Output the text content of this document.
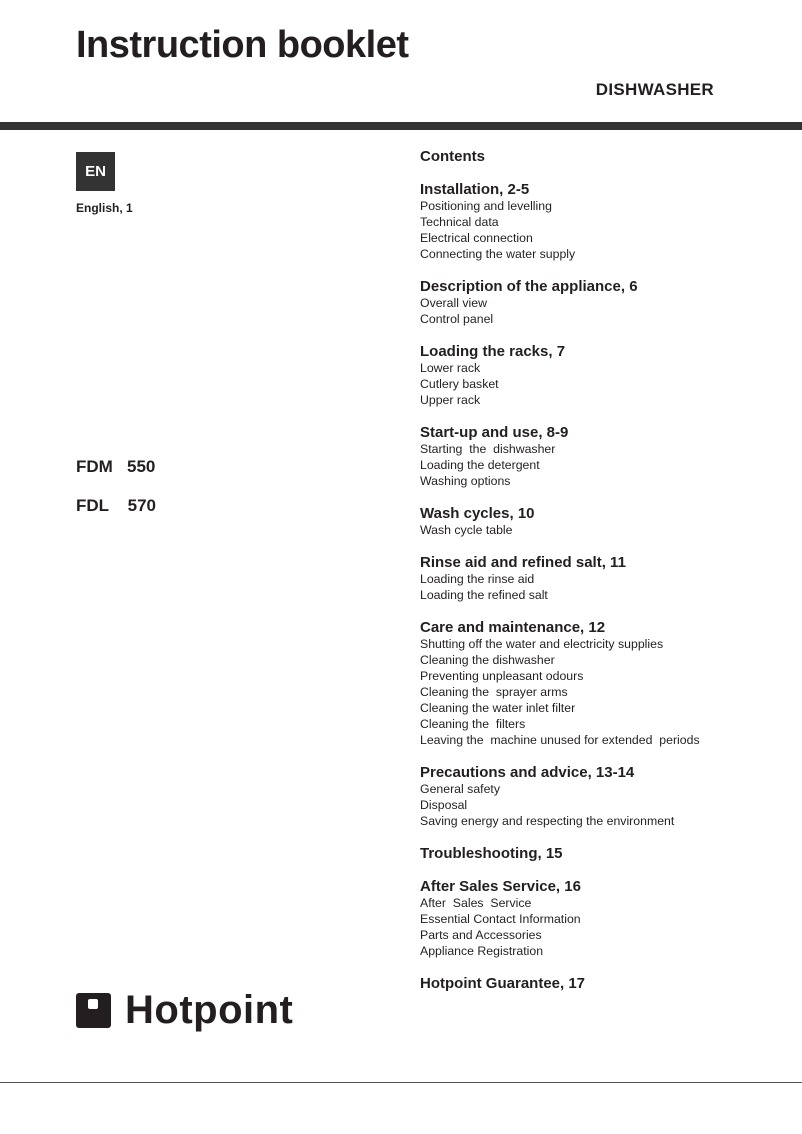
Instruction booklet
DISHWASHER
EN
English, 1
FDM   550
FDL    570
Contents
Installation, 2-5
Positioning and levelling
Technical data
Electrical connection
Connecting the water supply
Description of the appliance, 6
Overall view
Control panel
Loading the racks, 7
Lower rack
Cutlery basket
Upper rack
Start-up and use, 8-9
Starting  the  dishwasher
Loading the detergent
Washing options
Wash cycles, 10
Wash cycle table
Rinse aid and refined salt, 11
Loading the rinse aid
Loading the refined salt
Care and maintenance, 12
Shutting off the water and electricity supplies
Cleaning the dishwasher
Preventing unpleasant odours
Cleaning the  sprayer arms
Cleaning the water inlet filter
Cleaning the  filters
Leaving the  machine unused for extended  periods
Precautions and advice, 13-14
General safety
Disposal
Saving energy and respecting the environment
Troubleshooting, 15
After Sales Service, 16
After  Sales  Service
Essential Contact Information
Parts and Accessories
Appliance Registration
Hotpoint Guarantee, 17
Hotpoint
